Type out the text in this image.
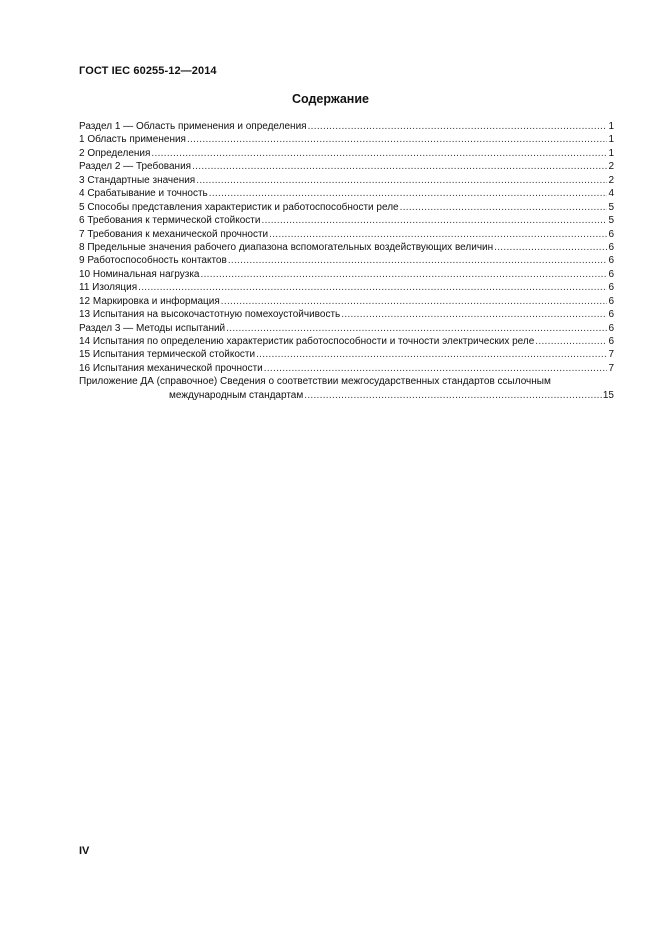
ГОСТ IEC 60255-12—2014
Содержание
Раздел 1 — Область применения и определения .....	1
1 Область применения .....	1
2 Определения .....	1
Раздел 2 — Требования .....	2
3 Стандартные значения .....	2
4 Срабатывание и точность .....	4
5 Способы представления характеристик и работоспособности реле .....	5
6 Требования к термической стойкости .....	5
7 Требования к механической прочности .....	6
8 Предельные значения рабочего диапазона вспомогательных воздействующих величин .....	6
9 Работоспособность контактов .....	6
10 Номинальная нагрузка .....	6
11 Изоляция .....	6
12 Маркировка и информация .....	6
13 Испытания на высокочастотную помехоустойчивость .....	6
Раздел 3 — Методы испытаний .....	6
14 Испытания по определению характеристик работоспособности и точности электрических реле .....	6
15 Испытания термической стойкости .....	7
16 Испытания механической прочности .....	7
Приложение ДА (справочное) Сведения о соответствии межгосударственных стандартов ссылочным
международным стандартам .....	15
IV
